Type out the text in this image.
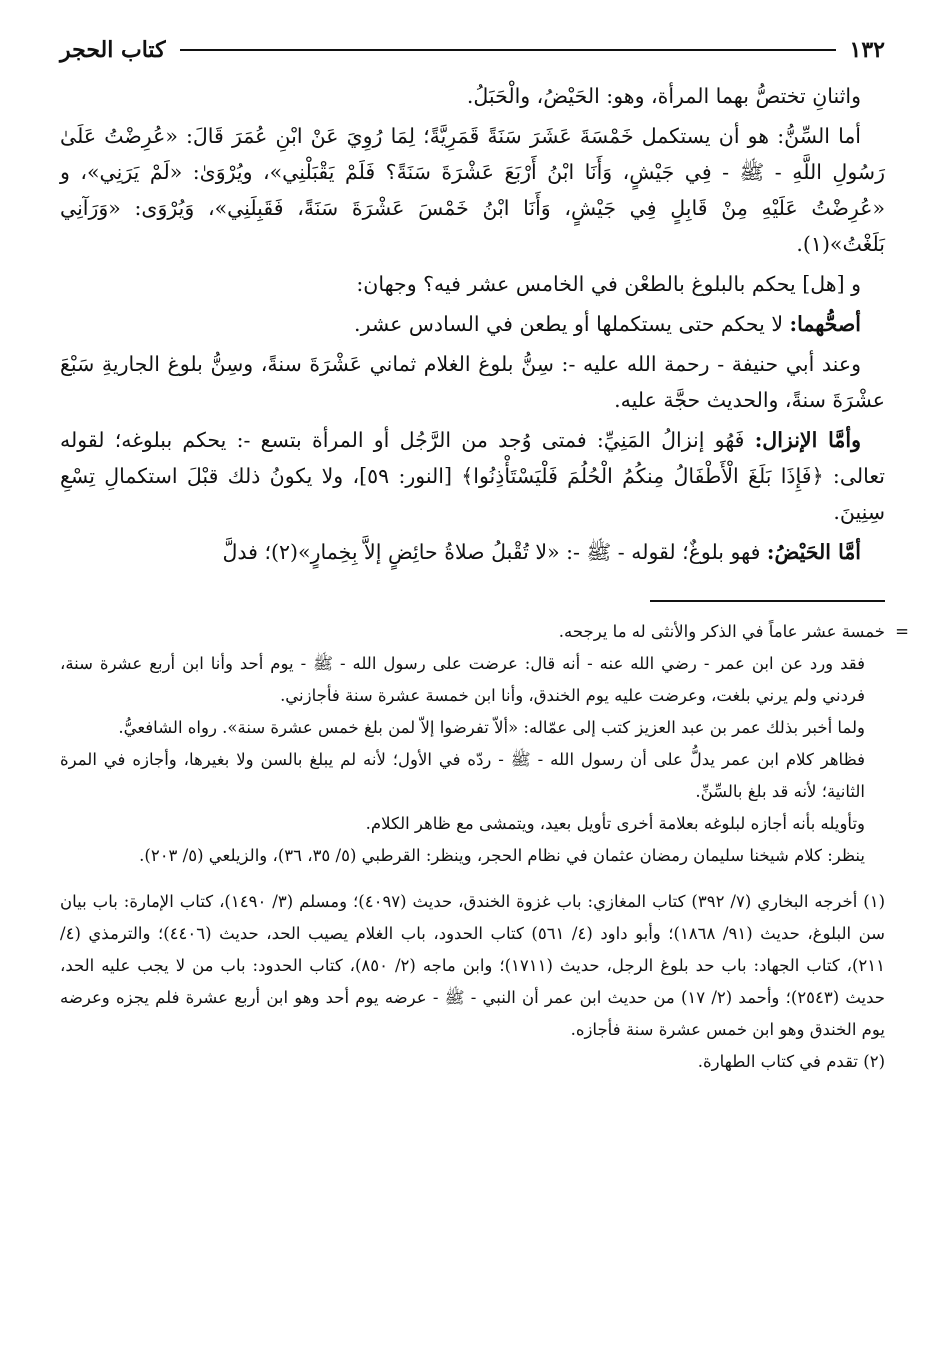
١٣٢
كتاب الحجر

واثنانِ تختصُّ بهما المرأة، وهو: الحَيْضُ، والْحَبَلُ.

أما السِّنُّ: هو أن يستكمل خَمْسَةَ عَشَرَ سَنَةً قَمَرِيَّةً؛ لِمَا رُوِيَ عَنْ ابْنِ عُمَرَ قَالَ: «عُرِضْتُ عَلَىٰ رَسُولِ اللَّهِ - ﷺ - فِي جَيْشٍ، وَأَنَا ابْنُ أَرْبَعَ عَشْرَةَ سَنَةً؟ فَلَمْ يَقْبَلْنِي»، ويُرْوَىٰ: «لَمْ يَرَنِي»، و «عُرِضْتُ عَلَيْهِ مِنْ قَابِلٍ فِي جَيْشٍ، وَأَنَا ابْنُ خَمْسَ عَشْرَةَ سَنَةً، فَقَبِلَنِي»، وَيُرْوَى: «وَرَآنِي بَلَغْتُ»(١).

و [هل] يحكم بالبلوغ بالطعْن في الخامس عشر فيه؟ وجهان:

أصحُّهما: لا يحكم حتى يستكملها أو يطعن في السادس عشر.

وعند أبي حنيفة - رحمة الله عليه -: سِنُّ بلوغ الغلام ثماني عَشْرَةَ سنةً، وسِنُّ بلوغ الجاريةِ سَبْعَ عشْرَةَ سنةً، والحديث حجَّة عليه.

وأمَّا الإنزال: فَهُو إنزالُ المَنِيِّ: فمتى وُجد من الرَّجُل أو المرأة بتسع -: يحكم ببلوغه؛ لقوله تعالى: ﴿فَإِذَا بَلَغَ الْأَطْفَالُ مِنكُمُ الْحُلُمَ فَلْيَسْتَأْذِنُوا﴾ [النور: ٥٩]، ولا يكونُ ذلك قبْلَ استكمالِ تِسْعِ سِنِينَ.

أمَّا الحَيْضُ: فهو بلوغٌ؛ لقوله - ﷺ -: «لا تُقْبلُ صلاةُ حائِضٍ إلاَّ بِخِمارٍ»(٢)؛ فدلَّ

=
خمسة عشر عاماً في الذكر والأنثى له ما يرجحه.

فقد ورد عن ابن عمر - رضي الله عنه - أنه قال: عرضت على رسول الله - ﷺ - يوم أحد وأنا ابن أربع عشرة سنة، فردني ولم يرني بلغت، وعرضت عليه يوم الخندق، وأنا ابن خمسة عشرة سنة فأجازني.

ولما أخبر بذلك عمر بن عبد العزيز كتب إلى عمّاله: «ألاّ تفرضوا إلاّ لمن بلغ خمس عشرة سنة». رواه الشافعيُّ.

فظاهر كلام ابن عمر يدلُّ على أن رسول الله - ﷺ - ردّه في الأول؛ لأنه لم يبلغ بالسن ولا بغيرها، وأجازه في المرة الثانية؛ لأنه قد بلغ بالسِّنِّ.

وتأويله بأنه أجازه لبلوغه بعلامة أخرى تأويل بعيد، ويتمشى مع ظاهر الكلام.

ينظر: كلام شيخنا سليمان رمضان عثمان في نظام الحجر، وينظر: القرطبي (٥/ ٣٥، ٣٦)، والزيلعي (٥/ ٢٠٣).

(١) أخرجه البخاري (٧/ ٣٩٢) كتاب المغازي: باب غزوة الخندق، حديث (٤٠٩٧)؛ ومسلم (٣/ ١٤٩٠)، كتاب الإمارة: باب بيان سن البلوغ، حديث (٩١/ ١٨٦٨)؛ وأبو داود (٤/ ٥٦١) كتاب الحدود، باب الغلام يصيب الحد، حديث (٤٤٠٦)؛ والترمذي (٤/ ٢١١)، كتاب الجهاد: باب حد بلوغ الرجل، حديث (١٧١١)؛ وابن ماجه (٢/ ٨٥٠)، كتاب الحدود: باب من لا يجب عليه الحد، حديث (٢٥٤٣)؛ وأحمد (٢/ ١٧) من حديث ابن عمر أن النبي - ﷺ - عرضه يوم أحد وهو ابن أربع عشرة فلم يجزه وعرضه يوم الخندق وهو ابن خمس عشرة سنة فأجازه.

(٢) تقدم في كتاب الطهارة.
